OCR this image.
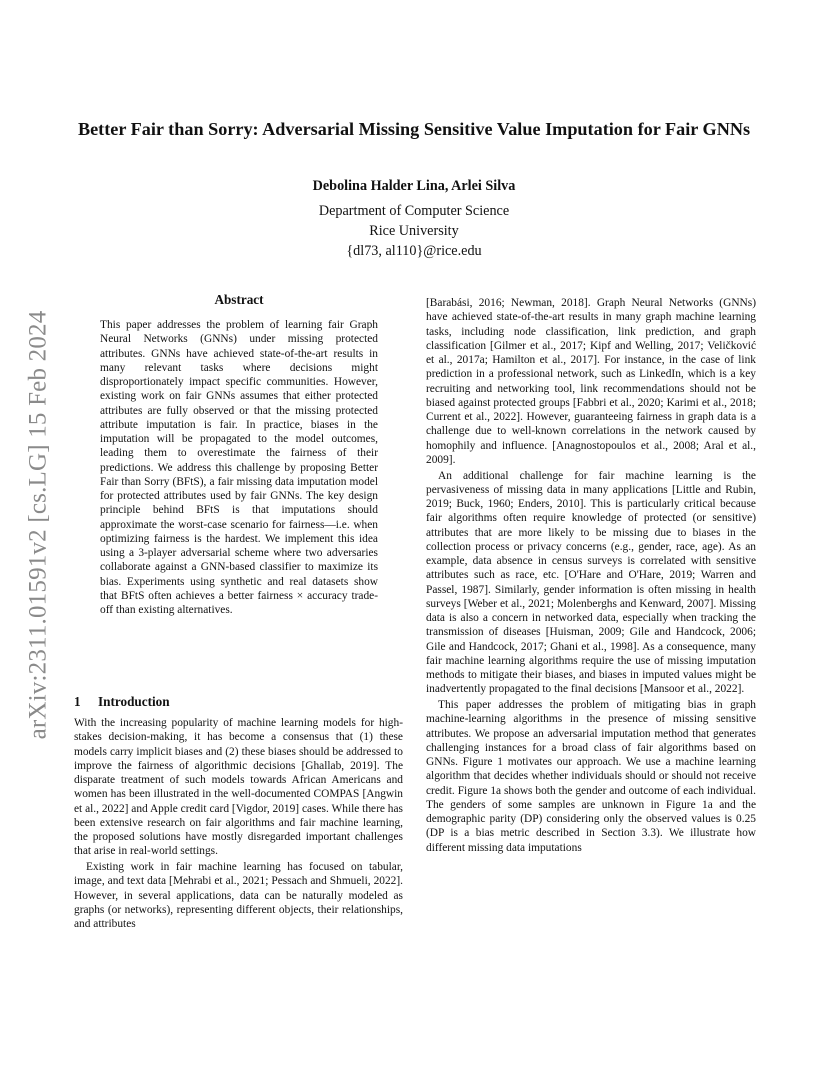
arXiv:2311.01591v2 [cs.LG] 15 Feb 2024
Better Fair than Sorry: Adversarial Missing Sensitive Value Imputation for Fair GNNs
Debolina Halder Lina, Arlei Silva
Department of Computer Science
Rice University
{dl73, al110}@rice.edu
Abstract

This paper addresses the problem of learning fair Graph Neural Networks (GNNs) under missing protected attributes. GNNs have achieved state-of-the-art results in many relevant tasks where decisions might disproportionately impact specific communities. However, existing work on fair GNNs assumes that either protected attributes are fully observed or that the missing protected attribute imputation is fair. In practice, biases in the imputation will be propagated to the model outcomes, leading them to overestimate the fairness of their predictions. We address this challenge by proposing Better Fair than Sorry (BFtS), a fair missing data imputation model for protected attributes used by fair GNNs. The key design principle behind BFtS is that imputations should approximate the worst-case scenario for fairness—i.e. when optimizing fairness is the hardest. We implement this idea using a 3-player adversarial scheme where two adversaries collaborate against a GNN-based classifier to maximize its bias. Experiments using synthetic and real datasets show that BFtS often achieves a better fairness × accuracy trade-off than existing alternatives.

1 Introduction

With the increasing popularity of machine learning models for high-stakes decision-making, it has become a consensus that (1) these models carry implicit biases and (2) these biases should be addressed to improve the fairness of algorithmic decisions [Ghallab, 2019]. The disparate treatment of such models towards African Americans and women has been illustrated in the well-documented COMPAS [Angwin et al., 2022] and Apple credit card [Vigdor, 2019] cases. While there has been extensive research on fair algorithms and fair machine learning, the proposed solutions have mostly disregarded important challenges that arise in real-world settings.

Existing work in fair machine learning has focused on tabular, image, and text data [Mehrabi et al., 2021; Pessach and Shmueli, 2022]. However, in several applications, data can be naturally modeled as graphs (or networks), representing different objects, their relationships, and attributes

[Barabási, 2016; Newman, 2018]. Graph Neural Networks (GNNs) have achieved state-of-the-art results in many graph machine learning tasks, including node classification, link prediction, and graph classification [Gilmer et al., 2017; Kipf and Welling, 2017; Veličković et al., 2017a; Hamilton et al., 2017]. For instance, in the case of link prediction in a professional network, such as LinkedIn, which is a key recruiting and networking tool, link recommendations should not be biased against protected groups [Fabbri et al., 2020; Karimi et al., 2018; Current et al., 2022]. However, guaranteeing fairness in graph data is a challenge due to well-known correlations in the network caused by homophily and influence. [Anagnostopoulos et al., 2008; Aral et al., 2009].

An additional challenge for fair machine learning is the pervasiveness of missing data in many applications [Little and Rubin, 2019; Buck, 1960; Enders, 2010]. This is particularly critical because fair algorithms often require knowledge of protected (or sensitive) attributes that are more likely to be missing due to biases in the collection process or privacy concerns (e.g., gender, race, age). As an example, data absence in census surveys is correlated with sensitive attributes such as race, etc. [O'Hare and O'Hare, 2019; Warren and Passel, 1987]. Similarly, gender information is often missing in health surveys [Weber et al., 2021; Molenberghs and Kenward, 2007]. Missing data is also a concern in networked data, especially when tracking the transmission of diseases [Huisman, 2009; Gile and Handcock, 2006; Gile and Handcock, 2017; Ghani et al., 1998]. As a consequence, many fair machine learning algorithms require the use of missing imputation methods to mitigate their biases, and biases in imputed values might be inadvertently propagated to the final decisions [Mansoor et al., 2022].

This paper addresses the problem of mitigating bias in graph machine-learning algorithms in the presence of missing sensitive attributes. We propose an adversarial imputation method that generates challenging instances for a broad class of fair algorithms based on GNNs. Figure 1 motivates our approach. We use a machine learning algorithm that decides whether individuals should or should not receive credit. Figure 1a shows both the gender and outcome of each individual. The genders of some samples are unknown in Figure 1a and the demographic parity (DP) considering only the observed values is 0.25 (DP is a bias metric described in Section 3.3). We illustrate how different missing data imputations
